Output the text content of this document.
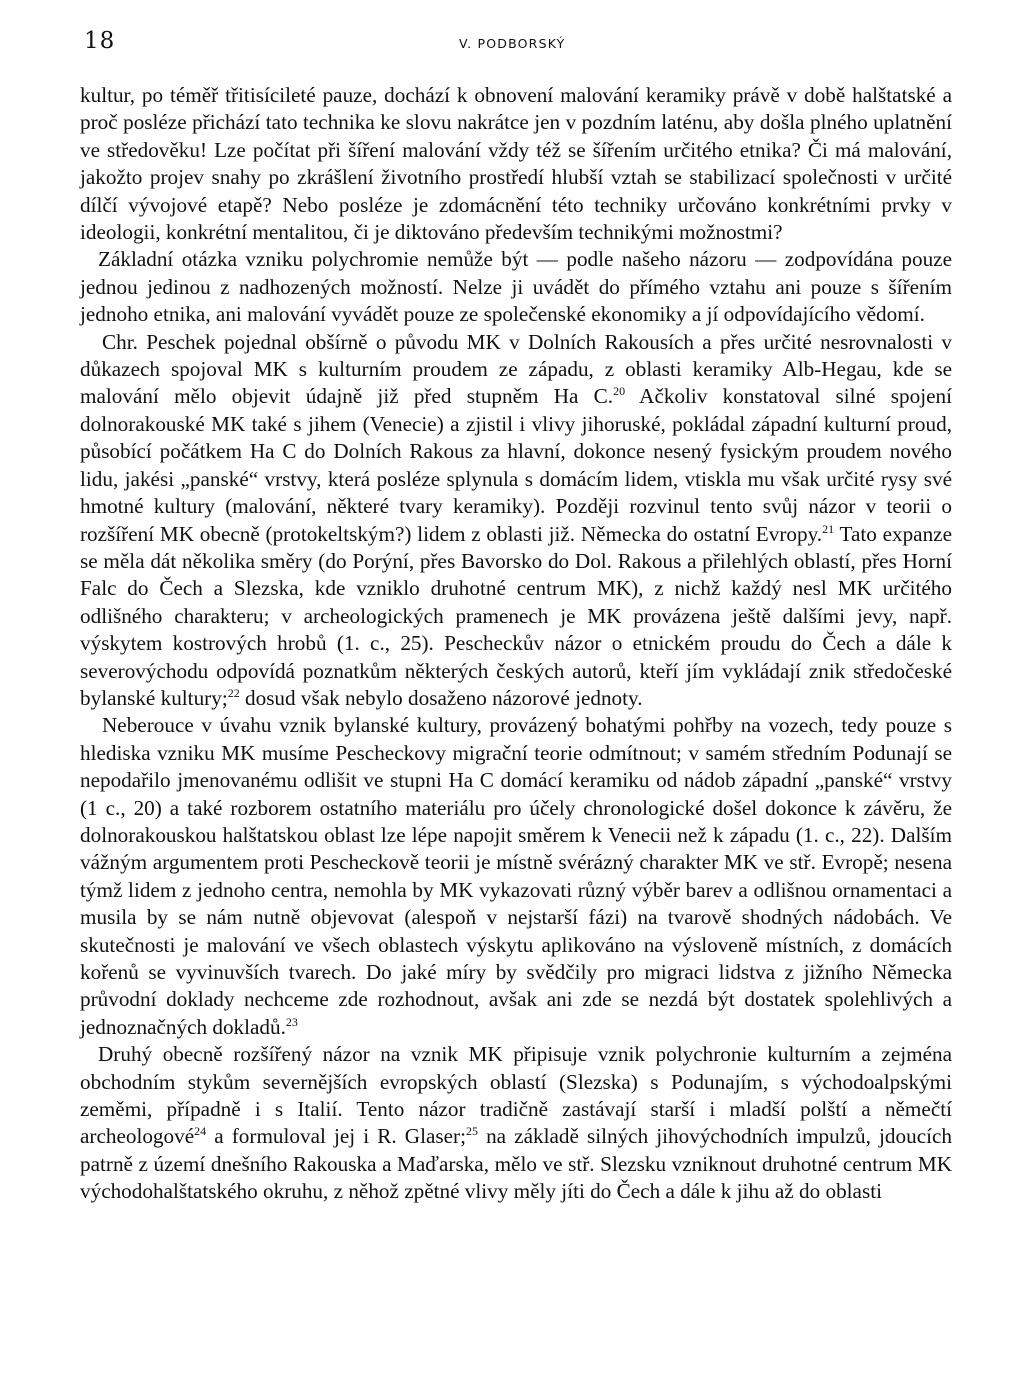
18	V. PODBORSKÝ

kultur, po téměř třitisícileté pauze, dochází k obnovení malování keramiky právě v době halštatské a proč posléze přichází tato technika ke slovu nakrátce jen v pozdním laténu, aby došla plného uplatnění ve středověku! Lze počítat při šíření malování vždy též se šířením určitého etnika? Či má malování, jakožto projev snahy po zkrášlení životního prostředí hlubší vztah se stabilizací společnosti v určité dílčí vývojové etapě? Nebo posléze je zdomácnění této techniky určováno konkrétními prvky v ideologii, konkrétní mentalitou, či je diktováno především technikými možnostmi?

Základní otázka vzniku polychromie nemůže být — podle našeho názoru — zodpovídána pouze jednou jedinou z nadhozených možností. Nelze ji uvádět do přímého vztahu ani pouze s šířením jednoho etnika, ani malování vyvádět pouze ze společenské ekonomiky a jí odpovídajícího vědomí.

Chr. Peschek pojednal obšírně o původu MK v Dolních Rakousích a přes určité nesrovnalosti v důkazech spojoval MK s kulturním proudem ze západu, z oblasti keramiky Alb-Hegau, kde se malování mělo objevit údajně již před stupněm Ha C.$^{20}$ Ačkoliv konstatoval silné spojení dolnorakouské MK také s jihem (Venecie) a zjistil i vlivy jihoruské, pokládal západní kulturní proud, působící počátkem Ha C do Dolních Rakous za hlavní, dokonce nesený fysickým proudem nového lidu, jakési „panské“ vrstvy, která posléze splynula s domácím lidem, vtiskla mu však určité rysy své hmotné kultury (malování, některé tvary keramiky). Později rozvinul tento svůj názor v teorii o rozšíření MK obecně (protokeltským?) lidem z oblasti již. Německa do ostatní Evropy.$^{21}$ Tato expanze se měla dát několika směry (do Porýní, přes Bavorsko do Dol. Rakous a přilehlých oblastí, přes Horní Falc do Čech a Slezska, kde vzniklo druhotné centrum MK), z nichž každý nesl MK určitého odlišného charakteru; v archeologických pramenech je MK provázena ještě dalšími jevy, např. výskytem kostrových hrobů (1. c., 25). Pescheckův názor o etnickém proudu do Čech a dále k severovýchodu odpovídá poznatkům některých českých autorů, kteří jím vykládají znik středočeské bylanské kultury;$^{22}$ dosud však nebylo dosaženo názorové jednoty.

Neberouce v úvahu vznik bylanské kultury, provázený bohatými pohřby na vozech, tedy pouze s hlediska vzniku MK musíme Pescheckovy migrační teorie odmítnout; v samém středním Podunají se nepodařilo jmenovanému odlišit ve stupni Ha C domácí keramiku od nádob západní „panské“ vrstvy (1 c., 20) a také rozborem ostatního materiálu pro účely chronologické došel dokonce k závěru, že dolnorakouskou halštatskou oblast lze lépe napojit směrem k Venecii než k západu (1. c., 22). Dalším vážným argumentem proti Pescheckově teorii je místně svérázný charakter MK ve stř. Evropě; nesena týmž lidem z jednoho centra, nemohla by MK vykazovati různý výběr barev a odlišnou ornamentaci a musila by se nám nutně objevovat (alespoň v nejstarší fázi) na tvarově shodných nádobách. Ve skutečnosti je malování ve všech oblastech výskytu aplikováno na výsloveně místních, z domácích kořenů se vyvinuvších tvarech. Do jaké míry by svědčily pro migraci lidstva z jižního Německa průvodní doklady nechceme zde rozhodnout, avšak ani zde se nezdá být dostatek spolehlivých a jednoznačných dokladů.$^{23}$

Druhý obecně rozšířený názor na vznik MK připisuje vznik polychronie kulturním a zejména obchodním stykům severnějších evropských oblastí (Slezska) s Podunajím, s východoalpskými zeměmi, případně i s Italií. Tento názor tradičně zastávají starší i mladší polští a němečtí archeologové$^{24}$ a formuloval jej i R. Glaser;$^{25}$ na základě silných jihovýchodních impulzů, jdoucích patrně z území dnešního Rakouska a Maďarska, mělo ve stř. Slezsku vzniknout druhotné centrum MK východohalštatského okruhu, z něhož zpětné vlivy měly jíti do Čech a dále k jihu až do oblasti
